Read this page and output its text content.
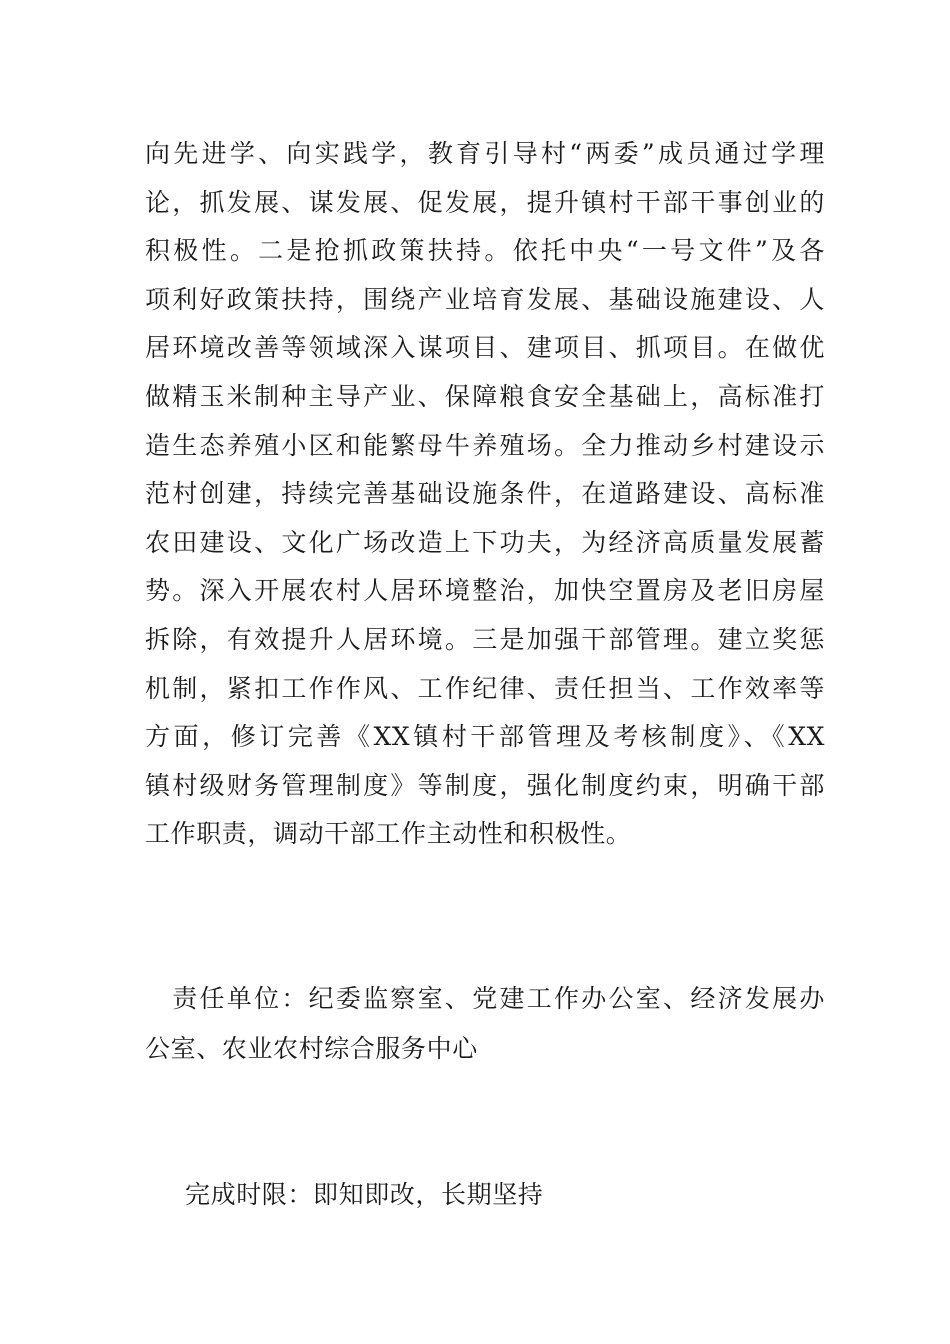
向先进学、向实践学，教育引导村“两委”成员通过学理
论，抓发展、谋发展、促发展，提升镇村干部干事创业的
积极性。二是抢抓政策扶持。依托中央“一号文件”及各
项利好政策扶持，围绕产业培育发展、基础设施建设、人
居环境改善等领域深入谋项目、建项目、抓项目。在做优
做精玉米制种主导产业、保障粮食安全基础上，高标准打
造生态养殖小区和能繁母牛养殖场。全力推动乡村建设示
范村创建，持续完善基础设施条件，在道路建设、高标准
农田建设、文化广场改造上下功夫，为经济高质量发展蓄
势。深入开展农村人居环境整治，加快空置房及老旧房屋
拆除，有效提升人居环境。三是加强干部管理。建立奖惩
机制，紧扣工作作风、工作纪律、责任担当、工作效率等
方面，修订完善《XX镇村干部管理及考核制度》、《XX
镇村级财务管理制度》等制度，强化制度约束，明确干部
工作职责，调动干部工作主动性和积极性。
　责任单位：纪委监察室、党建工作办公室、经济发展办
公室、农业农村综合服务中心
完成时限：即知即改，长期坚持
